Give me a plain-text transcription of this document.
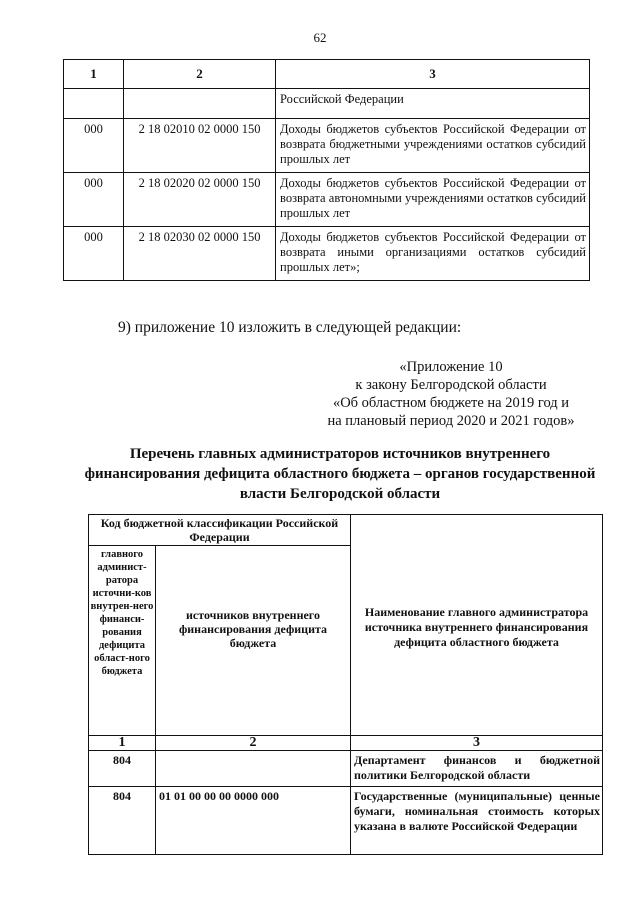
62
1	2	3
		Российской Федерации
000	2 18 02010 02 0000 150	Доходы бюджетов субъектов Российской Федерации от возврата бюджетными учреждениями остатков субсидий прошлых лет
000	2 18 02020 02 0000 150	Доходы бюджетов субъектов Российской Федерации от возврата автономными учреждениями остатков субсидий прошлых лет
000	2 18 02030 02 0000 150	Доходы бюджетов субъектов Российской Федерации от возврата иными организациями остатков субсидий прошлых лет»;
9) приложение 10 изложить в следующей редакции:
«Приложение 10
к закону Белгородской области
«Об областном бюджете на 2019 год и
на плановый период 2020 и 2021 годов»
Перечень главных администраторов источников внутреннего
финансирования дефицита областного бюджета – органов государственной
власти Белгородской области
Код бюджетной классификации Российской Федерации		Наименование главного администратора источника внутреннего финансирования дефицита областного бюджета
главного админист-ратора источни-ков внутрен-него финанси-рования дефицита област-ного бюджета	источников внутреннего финансирования дефицита бюджета	
1	2	3
804		Департамент финансов и бюджетной политики Белгородской области
804	01 01 00 00 00 0000 000	Государственные (муниципальные) ценные бумаги, номинальная стоимость которых указана в валюте Российской Федерации
